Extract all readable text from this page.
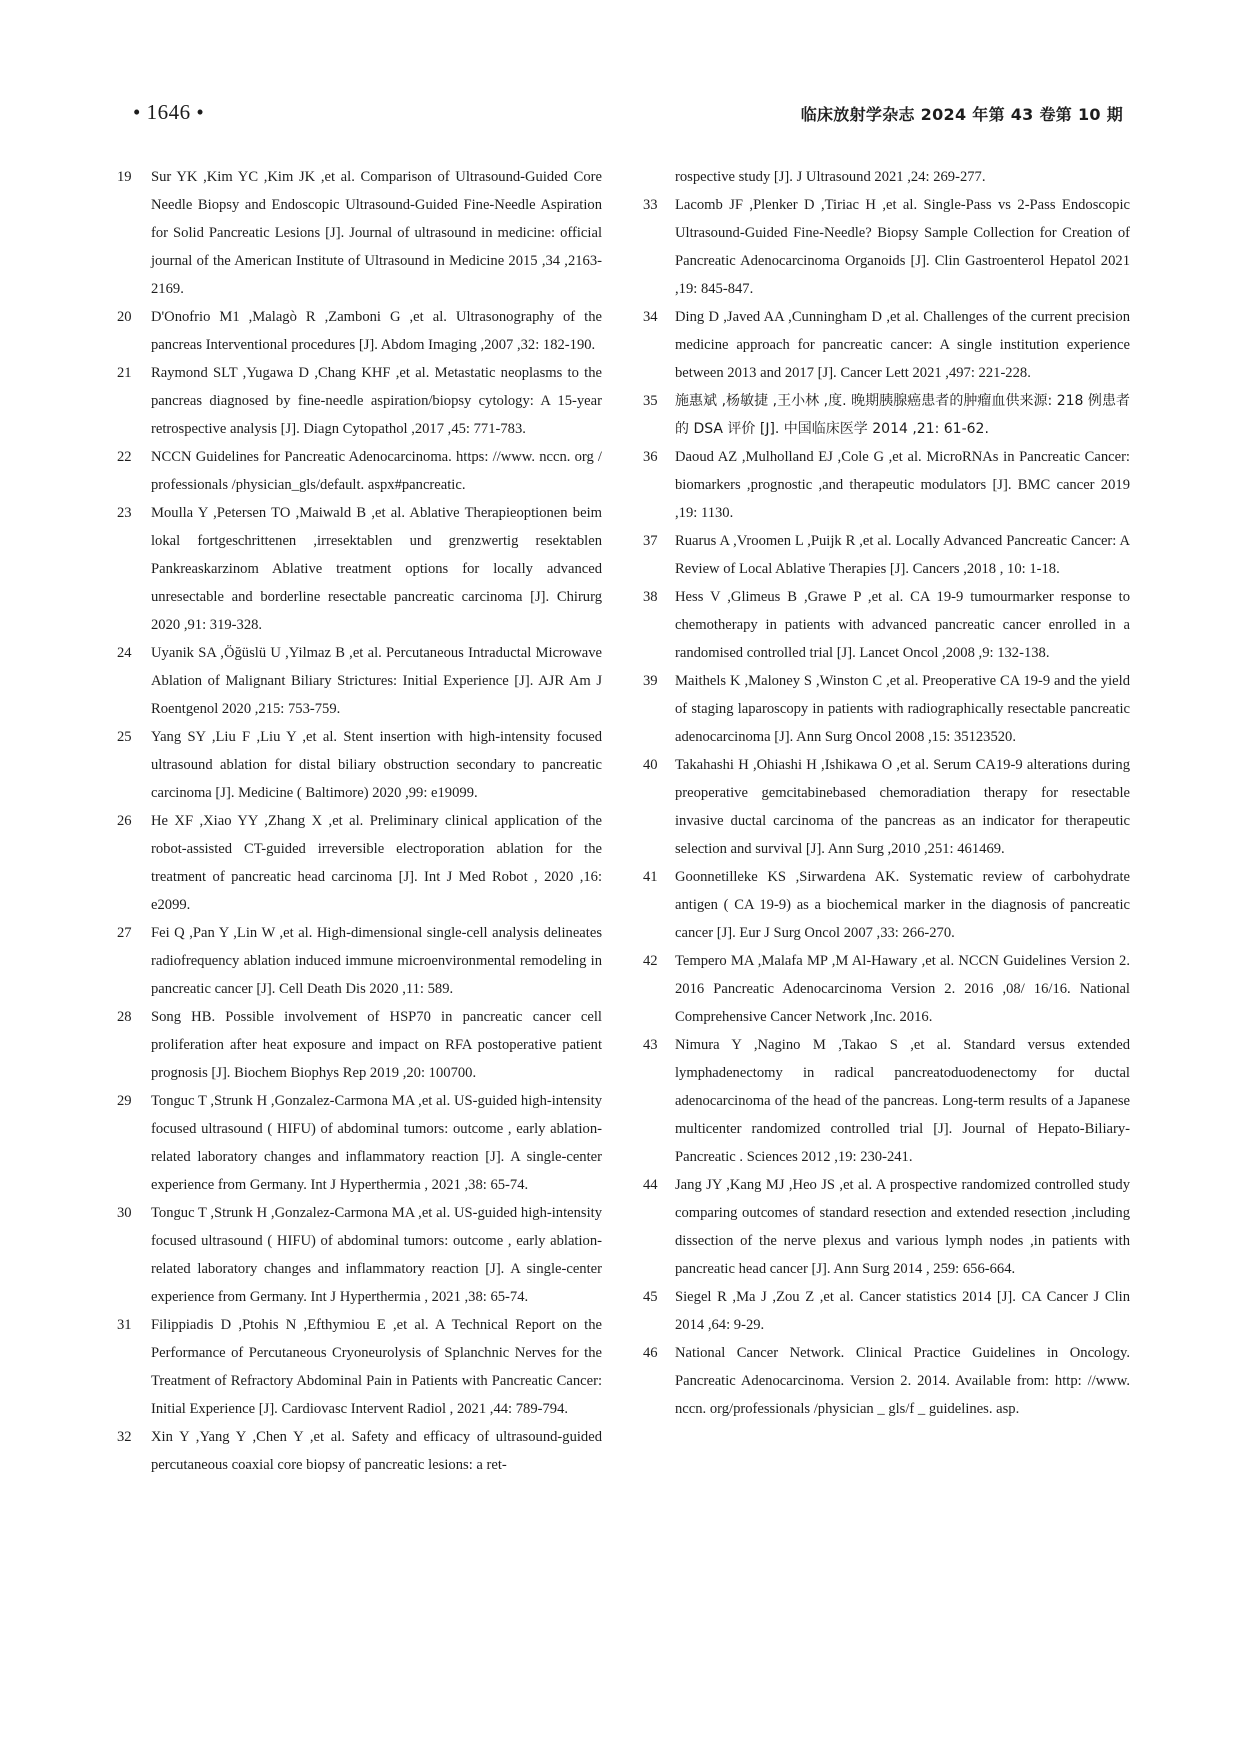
• 1646 •	临床放射学杂志 2024 年第 43 卷第 10 期
19	Sur YK ,Kim YC ,Kim JK ,et al. Comparison of Ultrasound-Guided Core Needle Biopsy and Endoscopic Ultrasound-Guided Fine-Needle Aspiration for Solid Pancreatic Lesions [J]. Journal of ultrasound in medicine: official journal of the American Institute of Ultrasound in Medicine 2015 ,34 ,2163-2169.
20	D'Onofrio M1 ,Malagò R ,Zamboni G ,et al. Ultrasonography of the pancreas Interventional procedures [J]. Abdom Imaging ,2007 ,32: 182-190.
21	Raymond SLT ,Yugawa D ,Chang KHF ,et al. Metastatic neoplasms to the pancreas diagnosed by fine-needle aspiration/biopsy cytology: A 15-year retrospective analysis [J]. Diagn Cytopathol ,2017 ,45: 771-783.
22	NCCN Guidelines for Pancreatic Adenocarcinoma. https: //www. nccn. org / professionals /physician_gls/default. aspx#pancreatic.
23	Moulla Y ,Petersen TO ,Maiwald B ,et al. Ablative Therapieoptionen beim lokal fortgeschrittenen ,irresektablen und grenzwertig resektablen Pankreaskarzinom Ablative treatment options for locally advanced unresectable and borderline resectable pancreatic carcinoma [J]. Chirurg 2020 ,91: 319-328.
24	Uyanik SA ,Öğüslü U ,Yilmaz B ,et al. Percutaneous Intraductal Microwave Ablation of Malignant Biliary Strictures: Initial Experience [J]. AJR Am J Roentgenol 2020 ,215: 753-759.
25	Yang SY ,Liu F ,Liu Y ,et al. Stent insertion with high-intensity focused ultrasound ablation for distal biliary obstruction secondary to pancreatic carcinoma [J]. Medicine ( Baltimore) 2020 ,99: e19099.
26	He XF ,Xiao YY ,Zhang X ,et al. Preliminary clinical application of the robot-assisted CT-guided irreversible electroporation ablation for the treatment of pancreatic head carcinoma [J]. Int J Med Robot , 2020 ,16: e2099.
27	Fei Q ,Pan Y ,Lin W ,et al. High-dimensional single-cell analysis delineates radiofrequency ablation induced immune microenvironmental remodeling in pancreatic cancer [J]. Cell Death Dis 2020 ,11: 589.
28	Song HB. Possible involvement of HSP70 in pancreatic cancer cell proliferation after heat exposure and impact on RFA postoperative patient prognosis [J]. Biochem Biophys Rep 2019 ,20: 100700.
29	Tonguc T ,Strunk H ,Gonzalez-Carmona MA ,et al. US-guided high-intensity focused ultrasound ( HIFU) of abdominal tumors: outcome , early ablation-related laboratory changes and inflammatory reaction [J]. A single-center experience from Germany. Int J Hyperthermia , 2021 ,38: 65-74.
30	Tonguc T ,Strunk H ,Gonzalez-Carmona MA ,et al. US-guided high-intensity focused ultrasound ( HIFU) of abdominal tumors: outcome , early ablation-related laboratory changes and inflammatory reaction [J]. A single-center experience from Germany. Int J Hyperthermia , 2021 ,38: 65-74.
31	Filippiadis D ,Ptohis N ,Efthymiou E ,et al. A Technical Report on the Performance of Percutaneous Cryoneurolysis of Splanchnic Nerves for the Treatment of Refractory Abdominal Pain in Patients with Pancreatic Cancer: Initial Experience [J]. Cardiovasc Intervent Radiol , 2021 ,44: 789-794.
32	Xin Y ,Yang Y ,Chen Y ,et al. Safety and efficacy of ultrasound-guided percutaneous coaxial core biopsy of pancreatic lesions: a ret-
rospective study [J]. J Ultrasound 2021 ,24: 269-277.
33	Lacomb JF ,Plenker D ,Tiriac H ,et al. Single-Pass vs 2-Pass Endoscopic Ultrasound-Guided Fine-Needle? Biopsy Sample Collection for Creation of Pancreatic Adenocarcinoma Organoids [J]. Clin Gastroenterol Hepatol 2021 ,19: 845-847.
34	Ding D ,Javed AA ,Cunningham D ,et al. Challenges of the current precision medicine approach for pancreatic cancer: A single institution experience between 2013 and 2017 [J]. Cancer Lett 2021 ,497: 221-228.
35	施惠斌 ,杨敏捷 ,王小林 ,度. 晚期胰腺癌患者的肿瘤血供来源: 218 例患者的 DSA 评价 [J]. 中国临床医学 2014 ,21: 61-62.
36	Daoud AZ ,Mulholland EJ ,Cole G ,et al. MicroRNAs in Pancreatic Cancer: biomarkers ,prognostic ,and therapeutic modulators [J]. BMC cancer 2019 ,19: 1130.
37	Ruarus A ,Vroomen L ,Puijk R ,et al. Locally Advanced Pancreatic Cancer: A Review of Local Ablative Therapies [J]. Cancers ,2018 , 10: 1-18.
38	Hess V ,Glimeus B ,Grawe P ,et al. CA 19-9 tumourmarker response to chemotherapy in patients with advanced pancreatic cancer enrolled in a randomised controlled trial [J]. Lancet Oncol ,2008 ,9: 132-138.
39	Maithels K ,Maloney S ,Winston C ,et al. Preoperative CA 19-9 and the yield of staging laparoscopy in patients with radiographically resectable pancreatic adenocarcinoma [J]. Ann Surg Oncol 2008 ,15: 35123520.
40	Takahashi H ,Ohiashi H ,Ishikawa O ,et al. Serum CA19-9 alterations during preoperative gemcitabinebased chemoradiation therapy for resectable invasive ductal carcinoma of the pancreas as an indicator for therapeutic selection and survival [J]. Ann Surg ,2010 ,251: 461469.
41	Goonnetilleke KS ,Sirwardena AK. Systematic review of carbohydrate antigen ( CA 19-9) as a biochemical marker in the diagnosis of pancreatic cancer [J]. Eur J Surg Oncol 2007 ,33: 266-270.
42	Tempero MA ,Malafa MP ,M Al-Hawary ,et al. NCCN Guidelines Version 2. 2016 Pancreatic Adenocarcinoma Version 2. 2016 ,08/ 16/16. National Comprehensive Cancer Network ,Inc. 2016.
43	Nimura Y ,Nagino M ,Takao S ,et al. Standard versus extended lymphadenectomy in radical pancreatoduodenectomy for ductal adenocarcinoma of the head of the pancreas. Long-term results of a Japanese multicenter randomized controlled trial [J]. Journal of Hepato-Biliary-Pancreatic . Sciences 2012 ,19: 230-241.
44	Jang JY ,Kang MJ ,Heo JS ,et al. A prospective randomized controlled study comparing outcomes of standard resection and extended resection ,including dissection of the nerve plexus and various lymph nodes ,in patients with pancreatic head cancer [J]. Ann Surg 2014 , 259: 656-664.
45	Siegel R ,Ma J ,Zou Z ,et al. Cancer statistics 2014 [J]. CA Cancer J Clin 2014 ,64: 9-29.
46	National Cancer Network. Clinical Practice Guidelines in Oncology. Pancreatic Adenocarcinoma. Version 2. 2014. Available from: http: //www. nccn. org/professionals /physician _ gls/f _ guidelines. asp.
